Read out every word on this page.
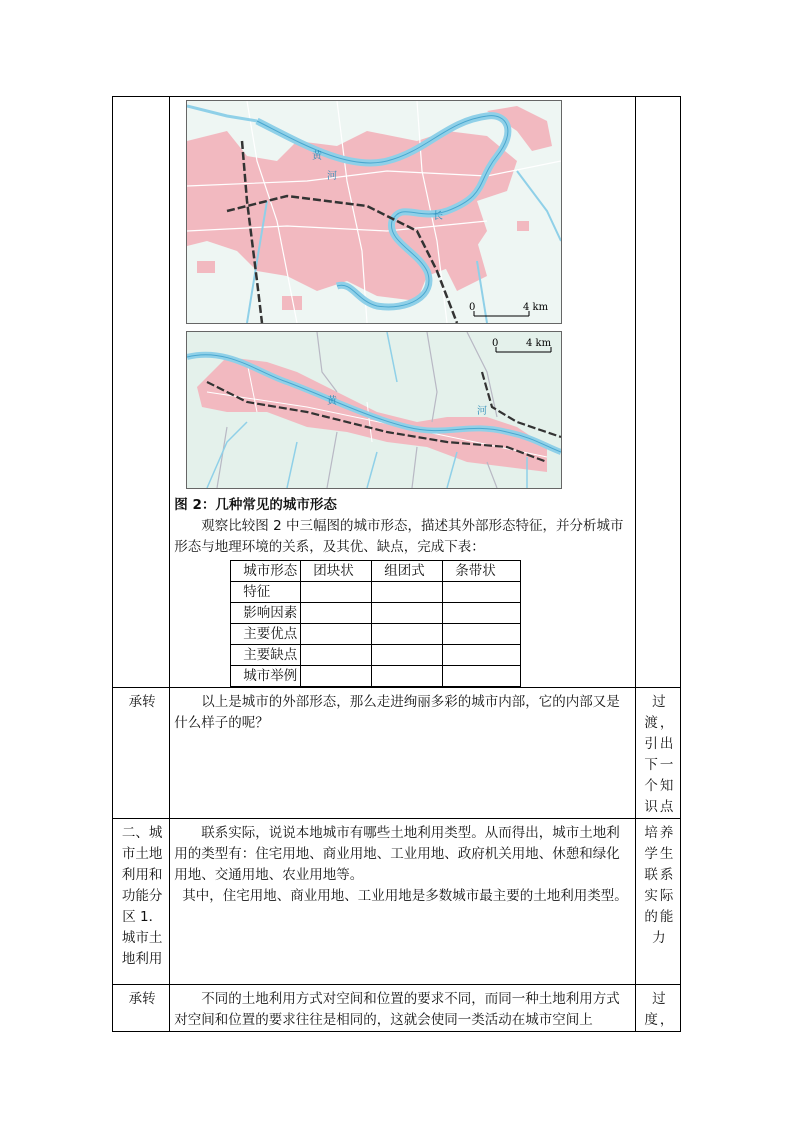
黄
河
长
0	4 km
黄
河
0	4 km
图 2：几种常见的城市形态

观察比较图 2 中三幅图的城市形态，描述其外部形态特征，并分析城市形态与地理环境的关系，及其优、缺点，完成下表：

城市形态	团块状	组团式	条带状
特征			
影响因素			
主要优点			
主要缺点			
城市举例			

承转	以上是城市的外部形态，那么走进绚丽多彩的城市内部，它的内部又是什么样子的呢？

	过渡，引出下一个知识点
二、城市土地利用和功能分区 1．城市土地利用	

联系实际，说说本地城市有哪些土地利用类型。从而得出，城市土地利用的类型有：住宅用地、商业用地、工业用地、政府机关用地、休憩和绿化用地、交通用地、农业用地等。

其中，住宅用地、商业用地、工业用地是多数城市最主要的土地利用类型。

	培养学生联系实际的能力
承转	不同的土地利用方式对空间和位置的要求不同，而同一种土地利用方式对空间和位置的要求往往是相同的，这就会使同一类活动在城市空间上

	过度，
